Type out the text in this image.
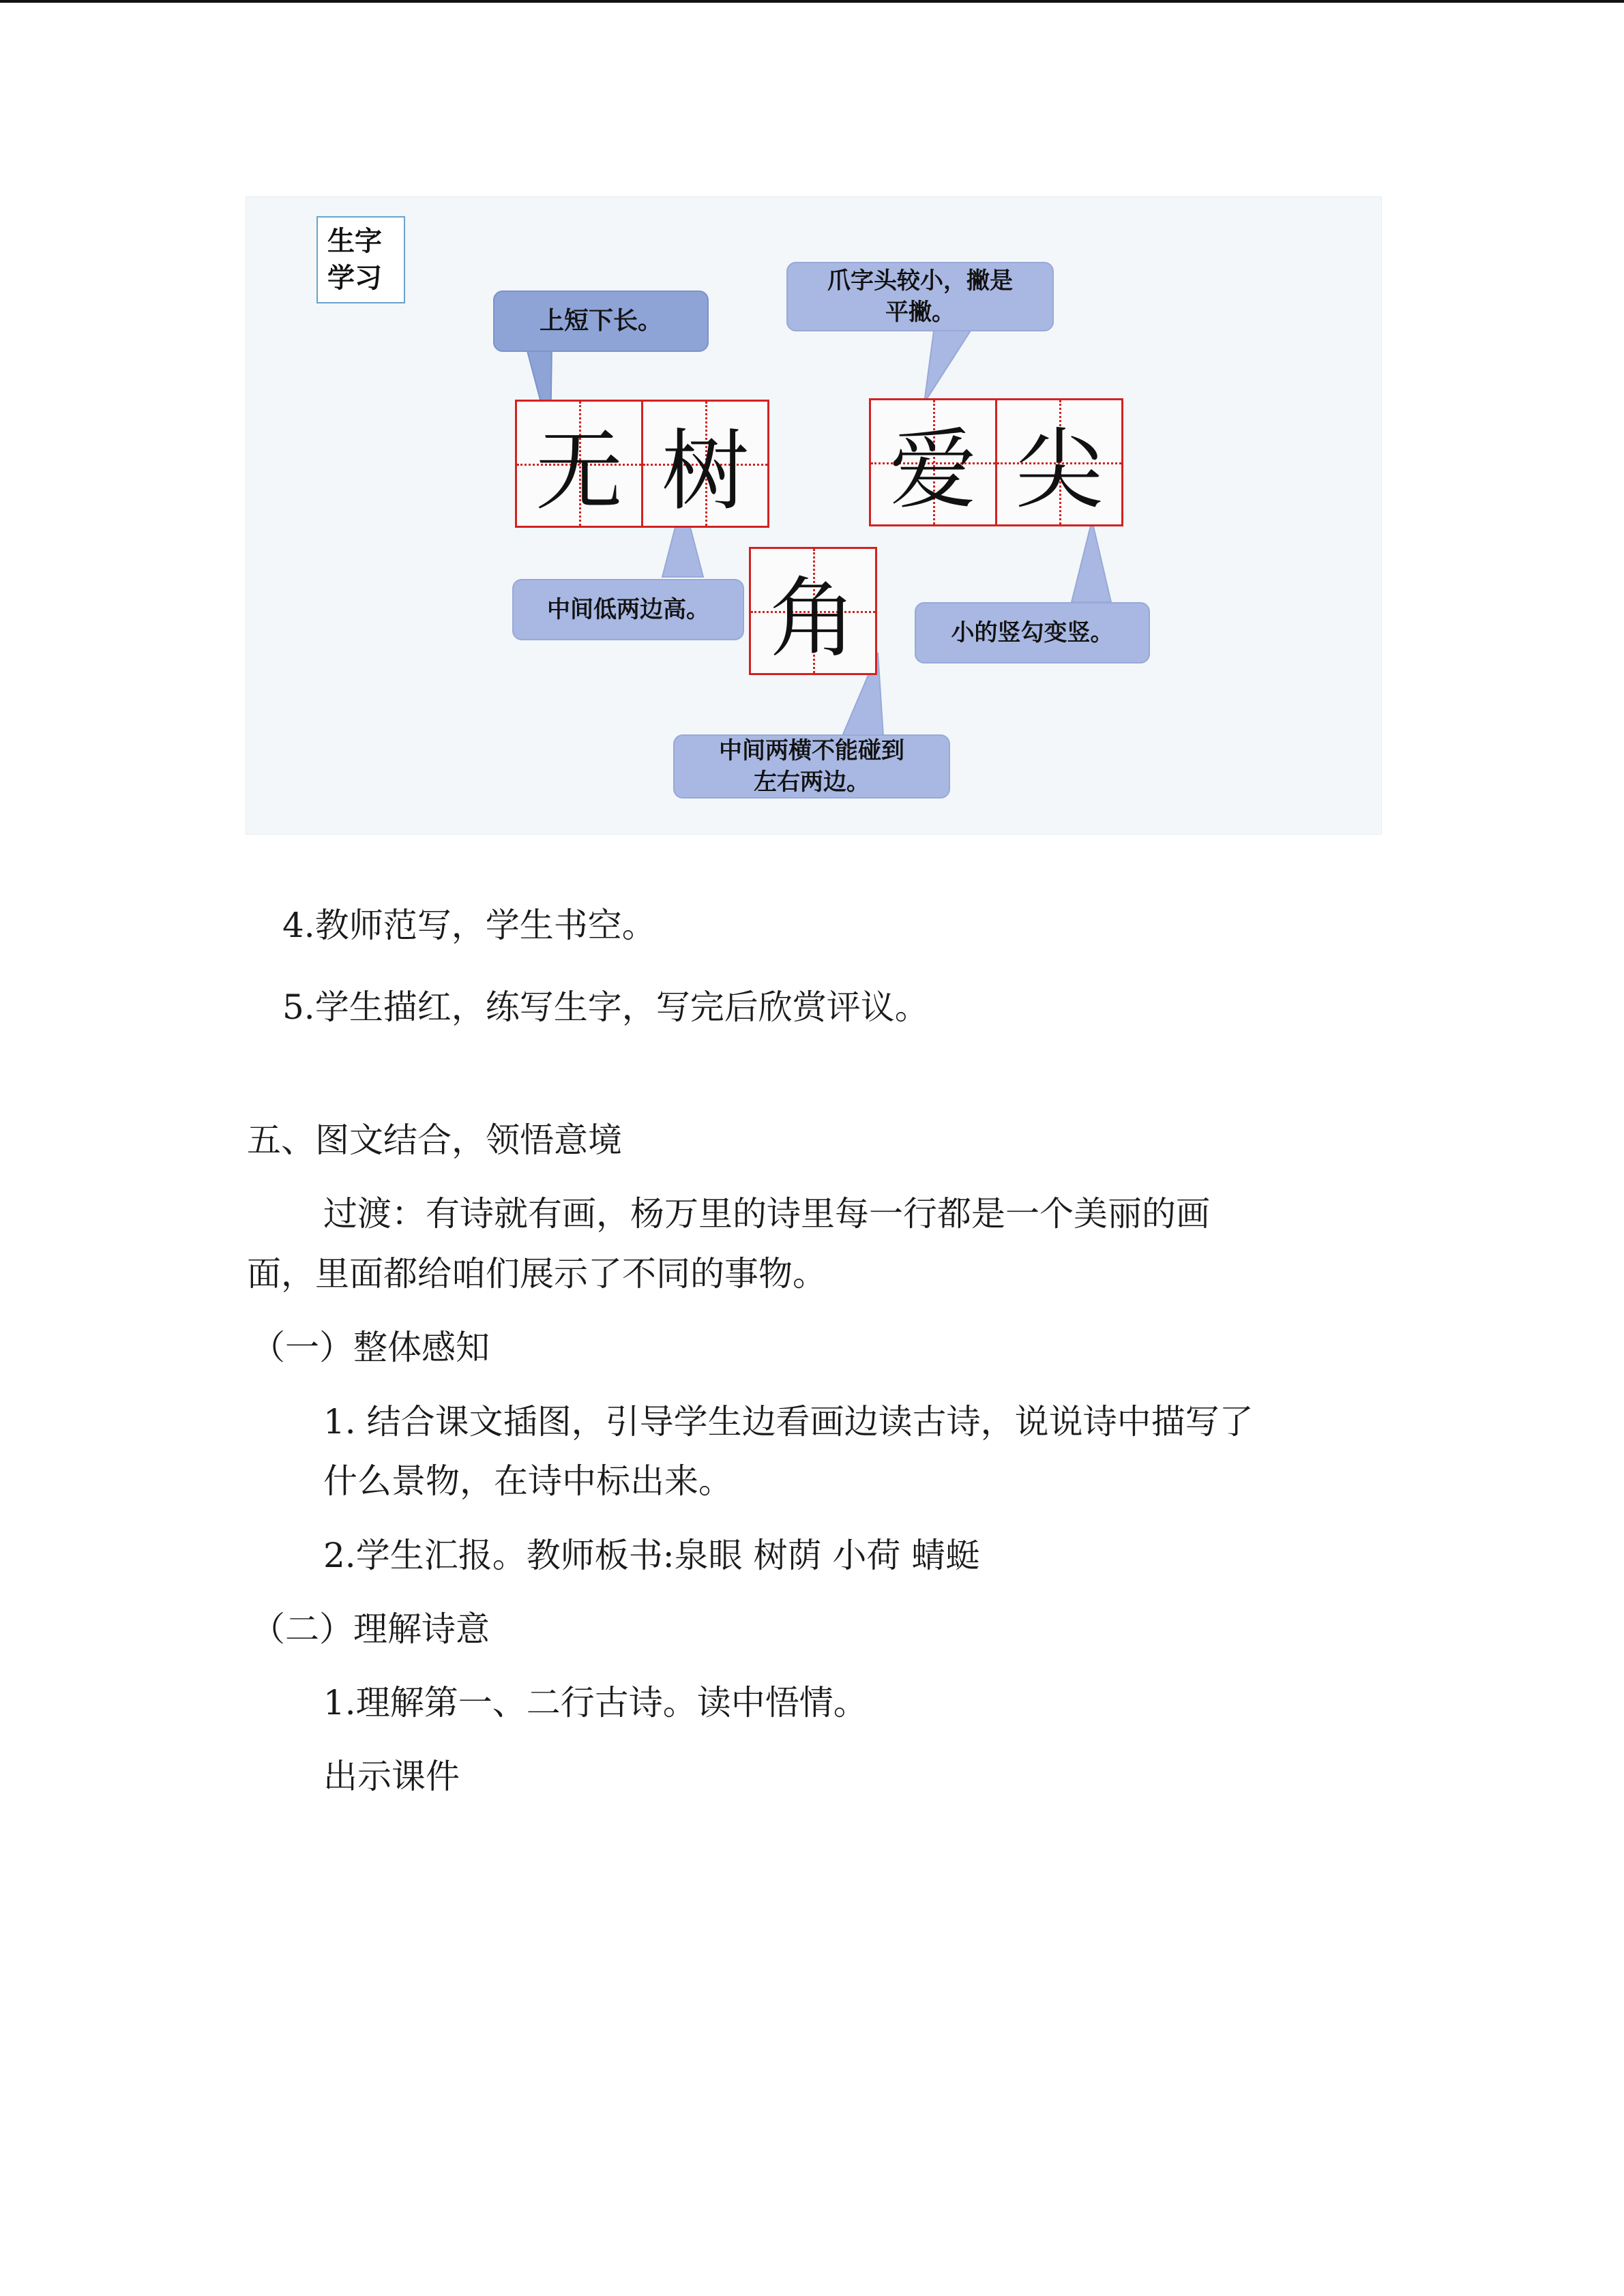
生字
学习
上短下长。
爪字头较小，撇是
平撇。
中间低两边高。
小的竖勾变竖。
中间两横不能碰到
左右两边。
无 树 爱 尖
角
4.教师范写，学生书空。
5.学生描红，练写生字，写完后欣赏评议。
五、图文结合，领悟意境
过渡：有诗就有画，杨万里的诗里每一行都是一个美丽的画
面，里面都给咱们展示了不同的事物。
（一）整体感知
1. 结合课文插图，引导学生边看画边读古诗，说说诗中描写了
什么景物，在诗中标出来。
2.学生汇报。教师板书:泉眼 树荫 小荷 蜻蜓
（二）理解诗意
1.理解第一、二行古诗。读中悟情。
出示课件
